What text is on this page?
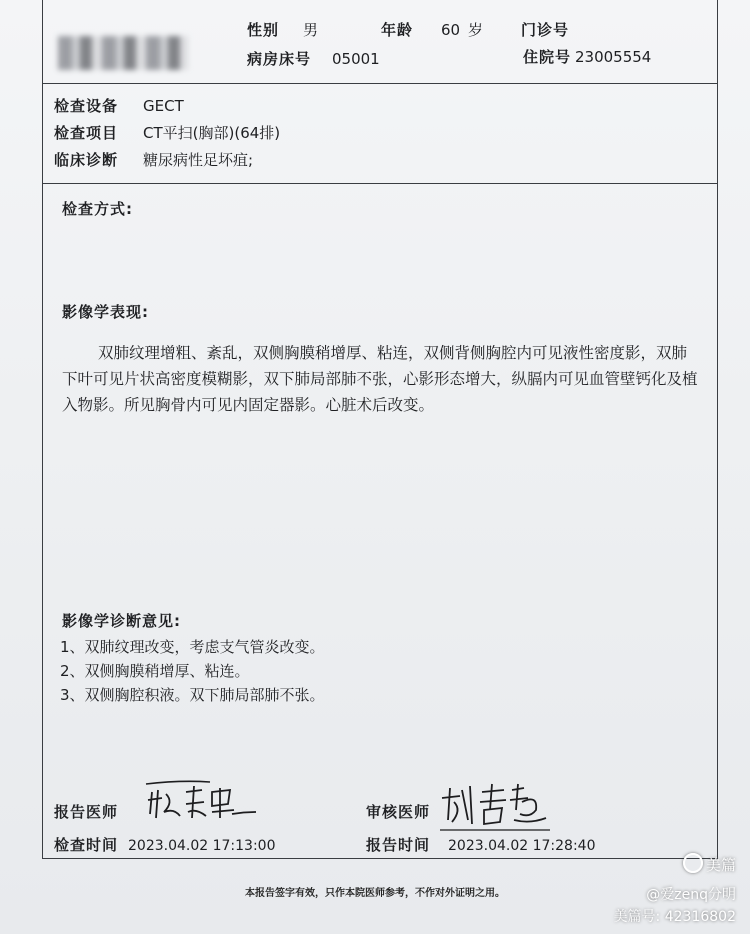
性别 男	年龄 60 岁	门诊号
病房床号 05001	住院号 23005554
检查设备 GECT
检查项目 CT平扫(胸部)(64排)
临床诊断 糖尿病性足坏疽;
检查方式:
影像学表现:
双肺纹理增粗、紊乱，双侧胸膜稍增厚、粘连，双侧背侧胸腔内可见液性密度影，双肺下叶可见片状高密度模糊影，双下肺局部肺不张，心影形态增大，纵膈内可见血管壁钙化及植入物影。所见胸骨内可见内固定器影。心脏术后改变。
影像学诊断意见:
1、双肺纹理改变，考虑支气管炎改变。
2、双侧胸膜稍增厚、粘连。
3、双侧胸腔积液。双下肺局部肺不张。
报告医师	审核医师
检查时间 2023.04.02 17:13:00	报告时间 2023.04.02 17:28:40
本报告签字有效，只作本院医师参考，不作对外证明之用。
美篇
@爱zenq分明
美篇号: 42316802
